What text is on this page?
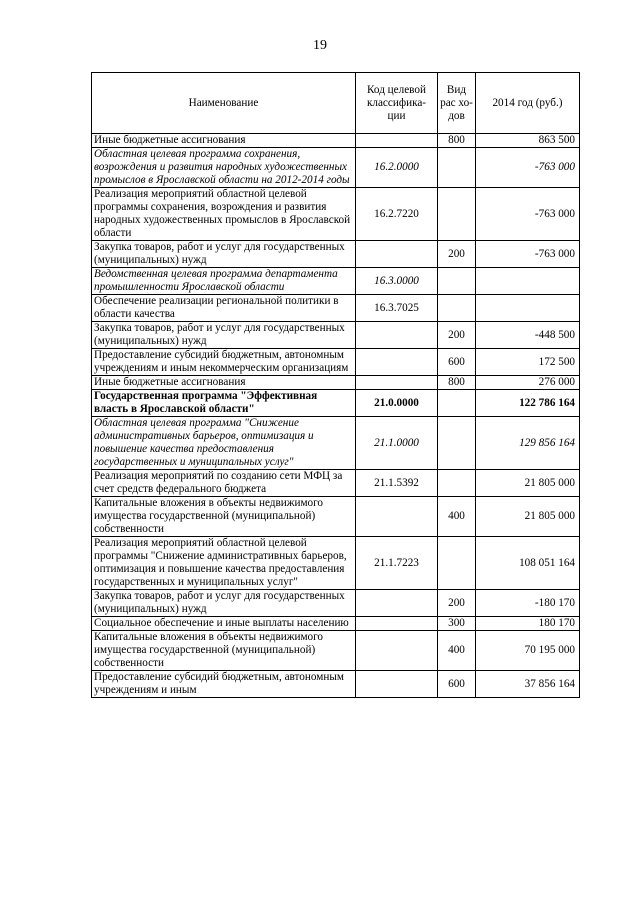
19
Наименование	Код целевой классифика-ции	Вид рас хо-дов	2014 год (руб.)
Иные бюджетные ассигнования		800	863 500
Областная целевая программа сохранения, возрождения и развития народных художественных промыслов в Ярославской области на 2012-2014 годы	16.2.0000		-763 000
Реализация мероприятий областной целевой программы сохранения, возрождения и развития народных художественных промыслов в Ярославской области	16.2.7220		-763 000
Закупка товаров, работ и услуг для государственных (муниципальных) нужд		200	-763 000
Ведомственная целевая программа департамента промышленности Ярославской области	16.3.0000		
Обеспечение реализации региональной политики в области качества	16.3.7025		
Закупка товаров, работ и услуг для государственных (муниципальных) нужд		200	-448 500
Предоставление субсидий бюджетным, автономным учреждениям и иным некоммерческим организациям		600	172 500
Иные бюджетные ассигнования		800	276 000
Государственная программа "Эффективная власть в Ярославской области"	21.0.0000		122 786 164
Областная целевая программа "Снижение административных барьеров, оптимизация и повышение качества предоставления государственных и муниципальных услуг"	21.1.0000		129 856 164
Реализация мероприятий по созданию сети МФЦ за счет средств федерального бюджета	21.1.5392		21 805 000
Капитальные вложения в объекты недвижимого имущества государственной (муниципальной) собственности		400	21 805 000
Реализация мероприятий областной целевой программы "Снижение административных барьеров, оптимизация и повышение качества предоставления государственных и муниципальных услуг"	21.1.7223		108 051 164
Закупка товаров, работ и услуг для государственных (муниципальных) нужд		200	-180 170
Социальное обеспечение и иные выплаты населению		300	180 170
Капитальные вложения в объекты недвижимого имущества государственной (муниципальной) собственности		400	70 195 000
Предоставление субсидий бюджетным, автономным учреждениям и иным		600	37 856 164
